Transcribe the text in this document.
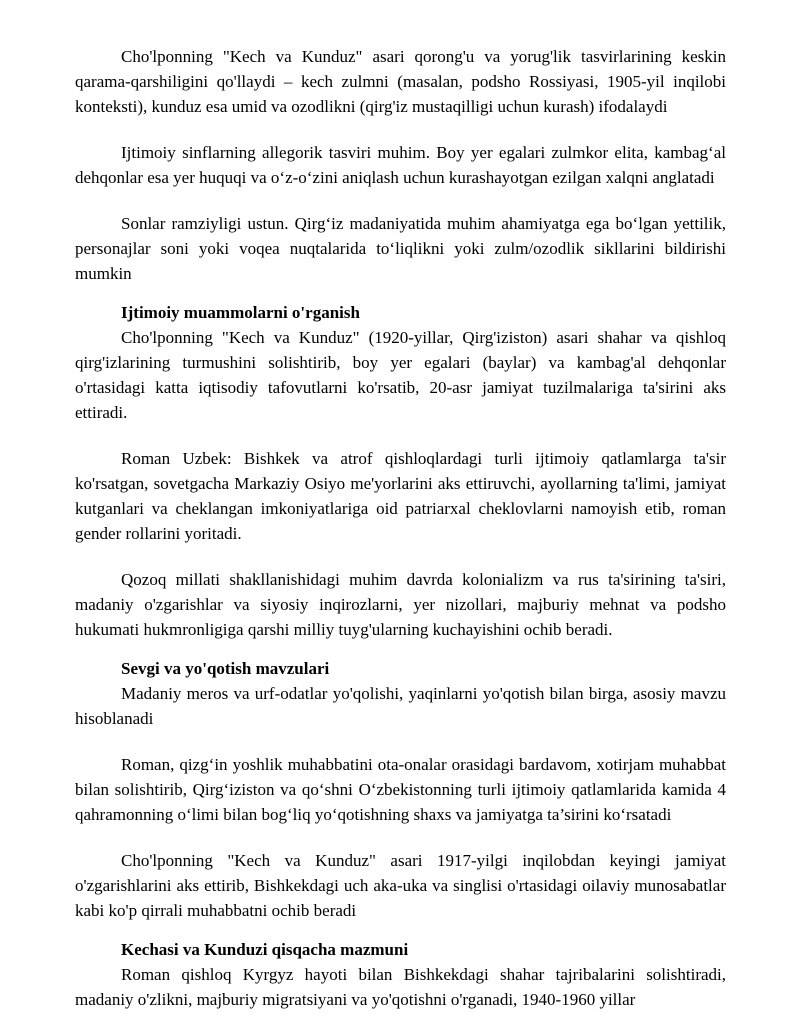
Cho'lponning "Kech va Kunduz" asari qorong'u va yorug'lik tasvirlarining keskin qarama-qarshiligini qo'llaydi – kech zulmni (masalan, podsho Rossiyasi, 1905-yil inqilobi konteksti), kunduz esa umid va ozodlikni (qirg'iz mustaqilligi uchun kurash) ifodalaydi

Ijtimoiy sinflarning allegorik tasviri muhim. Boy yer egalari zulmkor elita, kambag‘al dehqonlar esa yer huquqi va o‘z-o‘zini aniqlash uchun kurashayotgan ezilgan xalqni anglatadi

Sonlar ramziyligi ustun. Qirg‘iz madaniyatida muhim ahamiyatga ega bo‘lgan yettilik, personajlar soni yoki voqea nuqtalarida to‘liqlikni yoki zulm/ozodlik sikllarini bildirishi mumkin

Ijtimoiy muammolarni o'rganish

Cho'lponning "Kech va Kunduz" (1920-yillar, Qirg'iziston) asari shahar va qishloq qirg'izlarining turmushini solishtirib, boy yer egalari (baylar) va kambag'al dehqonlar o'rtasidagi katta iqtisodiy tafovutlarni ko'rsatib, 20-asr jamiyat tuzilmalariga ta'sirini aks ettiradi.

Roman Uzbek: Bishkek va atrof qishloqlardagi turli ijtimoiy qatlamlarga ta'sir ko'rsatgan, sovetgacha Markaziy Osiyo me'yorlarini aks ettiruvchi, ayollarning ta'limi, jamiyat kutganlari va cheklangan imkoniyatlariga oid patriarxal cheklovlarni namoyish etib, roman gender rollarini yoritadi.

Qozoq millati shakllanishidagi muhim davrda kolonializm va rus ta'sirining ta'siri, madaniy o'zgarishlar va siyosiy inqirozlarni, yer nizollari, majburiy mehnat va podsho hukumati hukmronligiga qarshi milliy tuyg'ularning kuchayishini ochib beradi.

Sevgi va yo'qotish mavzulari

Madaniy meros va urf-odatlar yo'qolishi, yaqinlarni yo'qotish bilan birga, asosiy mavzu hisoblanadi

Roman, qizg‘in yoshlik muhabbatini ota-onalar orasidagi bardavom, xotirjam muhabbat bilan solishtirib, Qirg‘iziston va qo‘shni O‘zbekistonning turli ijtimoiy qatlamlarida kamida 4 qahramonning o‘limi bilan bog‘liq yo‘qotishning shaxs va jamiyatga ta’sirini ko‘rsatadi

Cho'lponning "Kech va Kunduz" asari 1917-yilgi inqilobdan keyingi jamiyat o'zgarishlarini aks ettirib, Bishkekdagi uch aka-uka va singlisi o'rtasidagi oilaviy munosabatlar kabi ko'p qirrali muhabbatni ochib beradi

Kechasi va Kunduzi qisqacha mazmuni

Roman qishloq Kyrgyz hayoti bilan Bishkekdagi shahar tajribalarini solishtiradi, madaniy o'zlikni, majburiy migratsiyani va yo'qotishni o'rganadi, 1940-1960 yillar
